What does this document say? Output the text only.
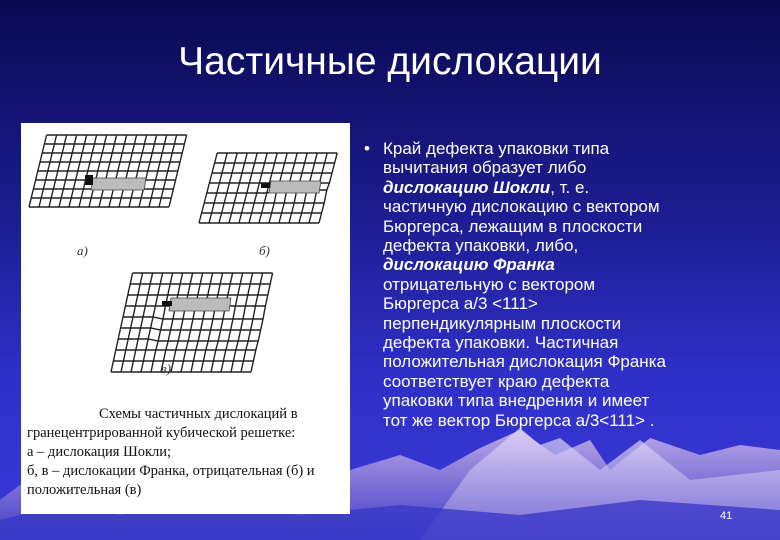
Частичные дислокации
а)	б)
в)
Схемы частичных дислокаций в
гранецентрированной кубической решетке:
а – дислокация Шокли;
б, в – дислокации Франка, отрицательная (б) и
положительная (в)
• Край дефекта упаковки типа
вычитания образует либо
дислокацию Шокли, т. е.
частичную дислокацию с вектором
Бюргерса, лежащим в плоскости
дефекта упаковки, либо,
дислокацию Франка
отрицательную с вектором
Бюргерса а/3 <111>
перпендикулярным плоскости
дефекта упаковки. Частичная
положительная дислокация Франка
соответствует краю дефекта
упаковки типа внедрения и имеет
тот же вектор Бюргерса а/3<111> .
41
